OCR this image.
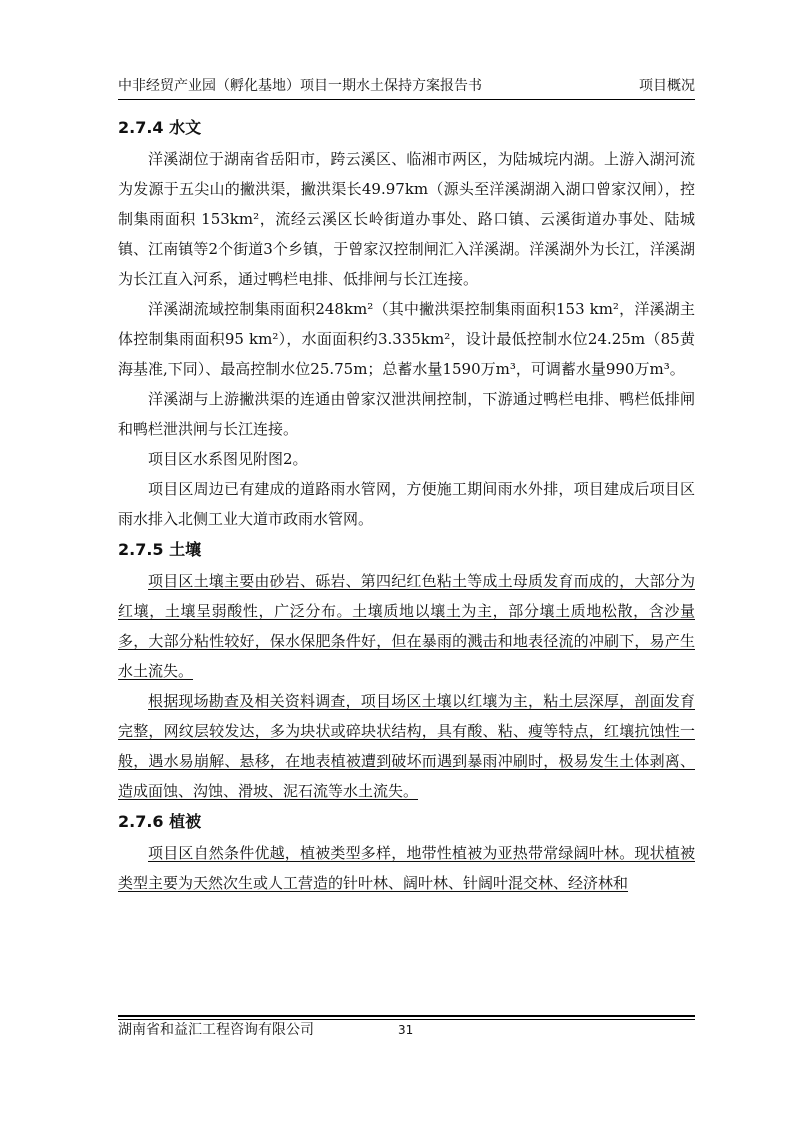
中非经贸产业园（孵化基地）项目一期水土保持方案报告书	项目概况
2.7.4 水文

洋溪湖位于湖南省岳阳市，跨云溪区、临湘市两区，为陆城垸内湖。上游入湖河流为发源于五尖山的撇洪渠，撇洪渠长49.97km（源头至洋溪湖湖入湖口曾家汉闸），控制集雨面积 153km²，流经云溪区长岭街道办事处、路口镇、云溪街道办事处、陆城镇、江南镇等2个街道3个乡镇，于曾家汉控制闸汇入洋溪湖。洋溪湖外为长江，洋溪湖为长江直入河系，通过鸭栏电排、低排闸与长江连接。

洋溪湖流域控制集雨面积248km²（其中撇洪渠控制集雨面积153 km²，洋溪湖主体控制集雨面积95 km²），水面面积约3.335km²，设计最低控制水位24.25m（85黄海基准,下同）、最高控制水位25.75m；总蓄水量1590万m³，可调蓄水量990万m³。

洋溪湖与上游撇洪渠的连通由曾家汉泄洪闸控制，下游通过鸭栏电排、鸭栏低排闸和鸭栏泄洪闸与长江连接。

项目区水系图见附图2。

项目区周边已有建成的道路雨水管网，方便施工期间雨水外排，项目建成后项目区雨水排入北侧工业大道市政雨水管网。

2.7.5 土壤

项目区土壤主要由砂岩、砾岩、第四纪红色粘土等成土母质发育而成的，大部分为红壤，土壤呈弱酸性，广泛分布。土壤质地以壤土为主，部分壤土质地松散，含沙量多，大部分粘性较好，保水保肥条件好，但在暴雨的溅击和地表径流的冲刷下，易产生水土流失。

根据现场勘查及相关资料调查，项目场区土壤以红壤为主，粘土层深厚，剖面发育完整，网纹层较发达，多为块状或碎块状结构，具有酸、粘、瘦等特点，红壤抗蚀性一般，遇水易崩解、悬移，在地表植被遭到破坏而遇到暴雨冲刷时，极易发生土体剥离、造成面蚀、沟蚀、滑坡、泥石流等水土流失。

2.7.6 植被

项目区自然条件优越，植被类型多样，地带性植被为亚热带常绿阔叶林。现状植被类型主要为天然次生或人工营造的针叶林、阔叶林、针阔叶混交林、经济林和

湖南省和益汇工程咨询有限公司	31
